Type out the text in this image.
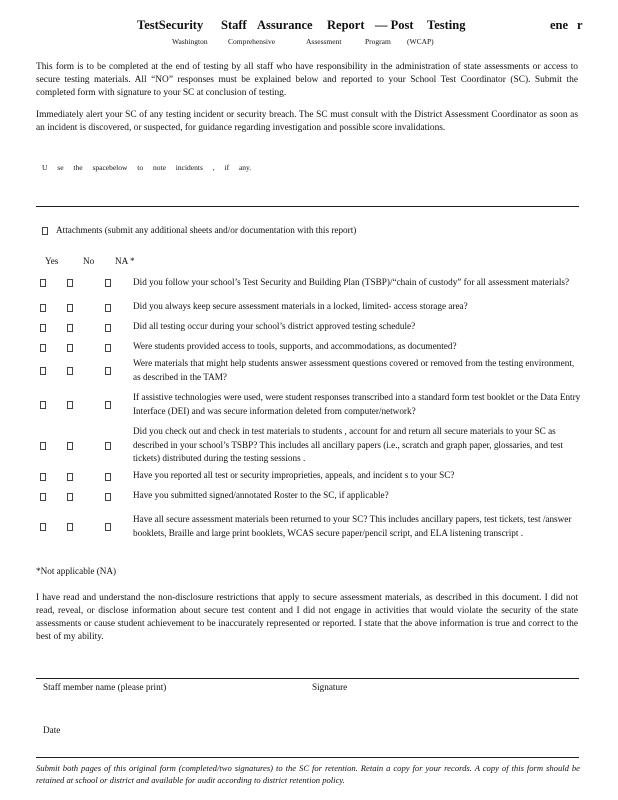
TestSecurity Staff Assurance Report — Post Testing	ene r
Washington	Comprehensive	Assessment	Program (WCAP)
This form is to be completed at the end of testing by all staff who have responsibility in the administration of state assessments or access to secure testing materials. All “NO” responses must be explained below and reported to your School Test Coordinator (SC). Submit the completed form with signature to your SC at conclusion of testing.
Immediately alert your SC of any testing incident or security breach. The SC must consult with the District Assessment Coordinator as soon as an incident is discovered, or suspected, for guidance regarding investigation and possible score invalidations.
U se the spacebelow to note incidents , if any.
Attachments (submit any additional sheets and/or documentation with this report)
Yes	No NA *
			Did you follow your school’s Test Security and Building Plan (TSBP)/“chain of custody” for all assessment materials?
			Did you always keep secure assessment materials in a locked, limited- access storage area?
			Did all testing occur during your school’s district approved testing schedule?
			Were students provided access to tools, supports, and accommodations, as documented?
			Were materials that might help students answer assessment questions covered or removed from the testing environment, as described in the TAM?
			If assistive technologies were used, were student responses transcribed into a standard form test booklet or the Data Entry Interface (DEI) and was secure information deleted from computer/network?
			Did you check out and check in test materials to students , account for and return all secure materials to your SC as described in your school’s TSBP? This includes all ancillary papers (i.e., scratch and graph paper, glossaries, and test tickets) distributed during the testing sessions .
			Have you reported all test or security improprieties, appeals, and incident s to your SC?
			Have you submitted signed/annotated Roster to the SC, if applicable?
			Have all secure assessment materials been returned to your SC? This includes ancillary papers, test tickets, test /answer booklets, Braille and large print booklets, WCAS secure paper/pencil script, and ELA listening transcript .
*Not applicable (NA)
I have read and understand the non-disclosure restrictions that apply to secure assessment materials, as described in this document. I did not read, reveal, or disclose information about secure test content and I did not engage in activities that would violate the security of the state assessments or cause student achievement to be inaccurately represented or reported. I state that the above information is true and correct to the best of my ability.
Staff member name (please print)	Signature
Date
Submit both pages of this original form (completed/two signatures) to the SC for retention. Retain a copy for your records. A copy of this form should be retained at school or district and available for audit according to district retention policy.
